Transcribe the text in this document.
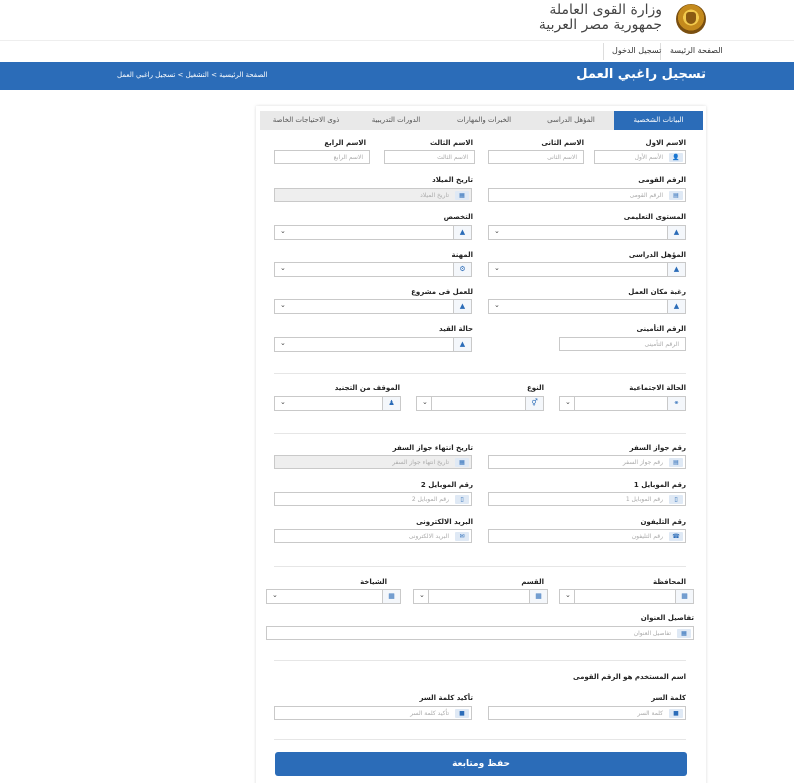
وزارة القوى العاملة
جمهورية مصر العربية
الصفحة الرئيسة
تسجيل الدخول
تسجيل راغبي العمل
الصفحة الرئيسية > التشغيل > تسجيل راغبي العمل
البيانات الشخصية
المؤهل الدراسى
الخبرات والمهارات
الدورات التدريبية
ذوى الاحتياجات الخاصة
الاسم الاول
الأسم الأول	👤
الاسم الثانى
الاسم الثانى
الاسم الثالث
الاسم الثالث
الاسم الرابع
الاسم الرابع
الرقم القومى
الرقم القومى	▤
تاريخ الميلاد
تاريخ الميلاد	▦
المستوى التعليمى
⌄	▲
التخصص
⌄	▲
المؤهل الدراسى
⌄	▲
المهنة
⌄	⚙
رغبة مكان العمل
⌄	▲
للعمل فى مشروع
⌄	▲
الرقم التأمينى
الرقم التأمينى
حالة القيد
⌄	▲
الحالة الاجتماعية
⌄	⚭
النوع
⌄	⚥
الموقف من التجنيد
⌄	♟
رقم جواز السفر
رقم جواز السفر	▤
تاريخ انتهاء جواز السفر
تاريخ انتهاء جواز السفر	▦
رقم الموبايل 1
رقم الموبايل 1	▯
رقم الموبايل 2
رقم الموبايل 2	▯
رقم التليفون
رقم التليفون	☎
البريد الالكترونى
البريد الالكترونى	✉
المحافظة
⌄	▦
القسم
⌄	▦
الشياخة
⌄	▦
تفاصيل العنوان
تفاصيل العنوان	▦
اسم المستخدم هو الرقم القومى
كلمة السر
كلمة السر	■
تأكيد كلمة السر
تأكيد كلمة السر	■
حفظ ومتابعة
